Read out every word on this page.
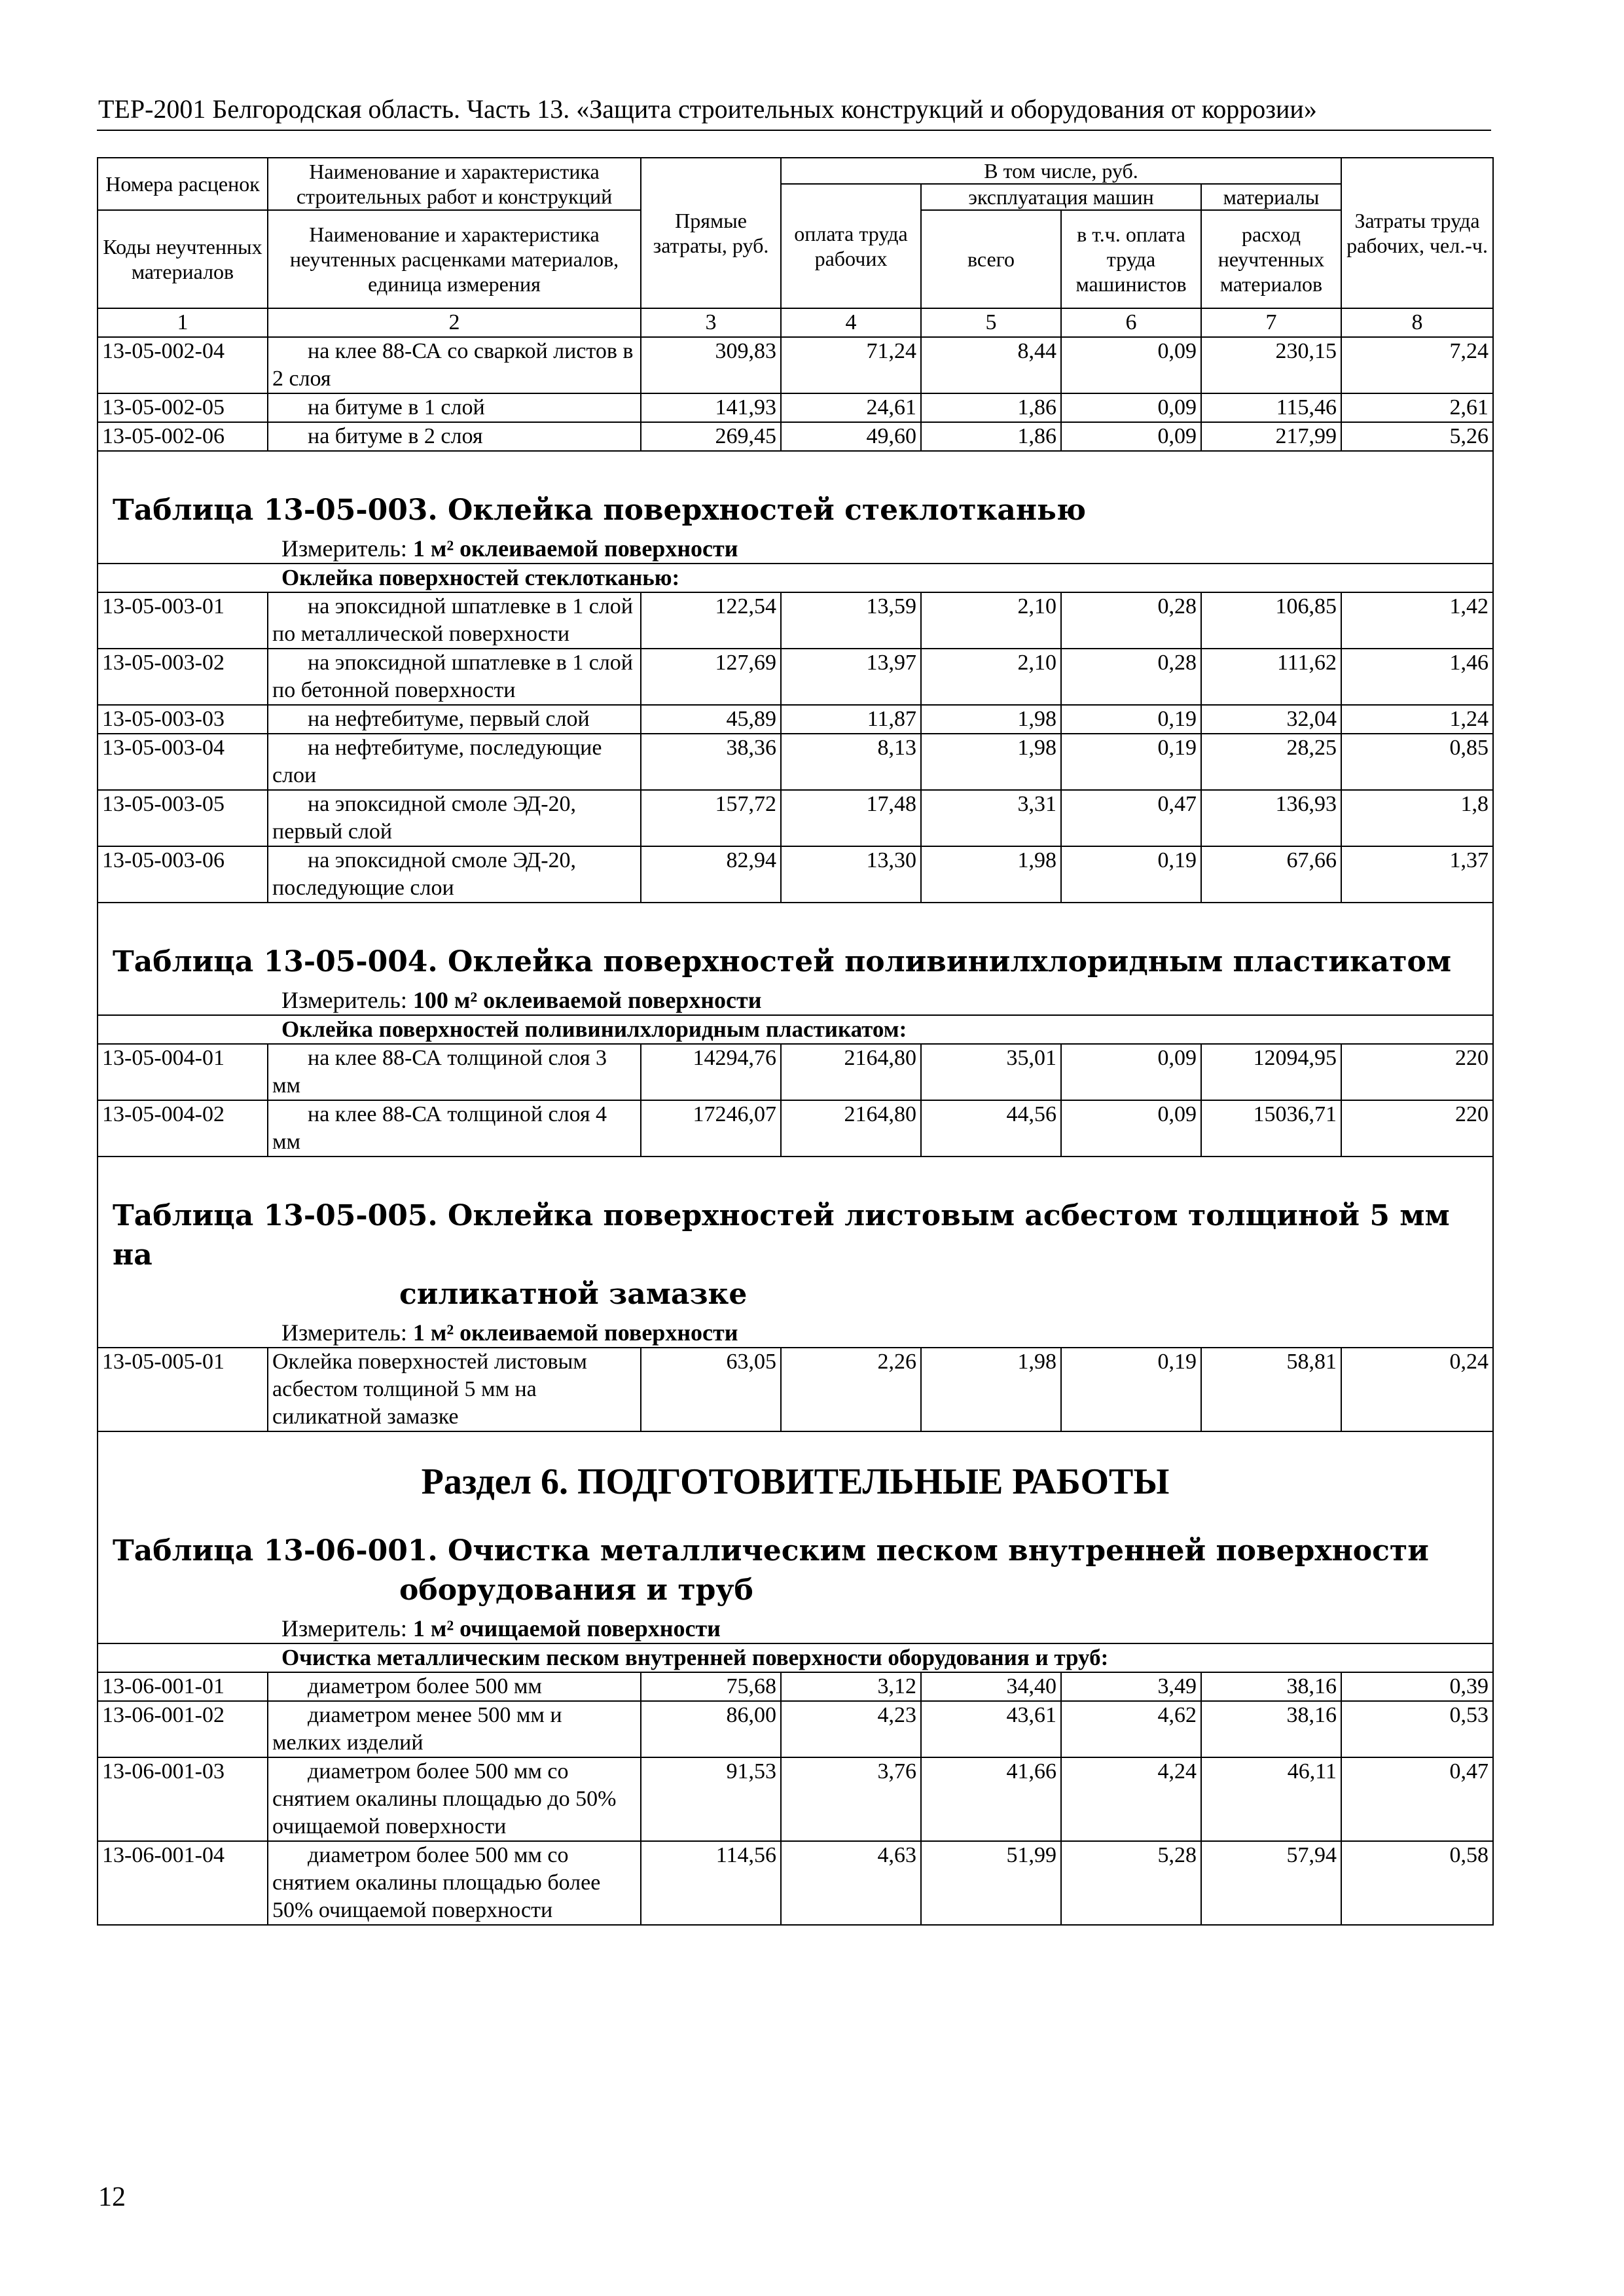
ТЕР-2001 Белгородская область. Часть 13. «Защита строительных конструкций и оборудования от коррозии»
Номера расценок	Наименование и характеристика строительных работ и конструкций	Прямые затраты, руб.	В том числе, руб.				Затраты труда рабочих, чел.-ч.
			оплата труда рабочих	эксплуатация машин		материалы	
Коды неучтенных материалов	Наименование и характеристика неучтенных расценками материалов, единица измерения			всего	в т.ч. оплата труда машинистов	расход неучтенных материалов	
1	2	3	4	5	6	7	8
13-05-002-04	на клее 88-СА со сваркой листов в 2 слоя	309,83	71,24	8,44	0,09	230,15	7,24
13-05-002-05	на битуме в 1 слой	141,93	24,61	1,86	0,09	115,46	2,61
13-05-002-06	на битуме в 2 слоя	269,45	49,60	1,86	0,09	217,99	5,26

Таблица 13-05-003. Оклейка поверхностей стеклотканью							
Измеритель: 1 м² оклеиваемой поверхности							
Оклейка поверхностей стеклотканью:							
13-05-003-01	на эпоксидной шпатлевке в 1 слой по металлической поверхности	122,54	13,59	2,10	0,28	106,85	1,42
13-05-003-02	на эпоксидной шпатлевке в 1 слой по бетонной поверхности	127,69	13,97	2,10	0,28	111,62	1,46
13-05-003-03	на нефтебитуме, первый слой	45,89	11,87	1,98	0,19	32,04	1,24
13-05-003-04	на нефтебитуме, последующие слои	38,36	8,13	1,98	0,19	28,25	0,85
13-05-003-05	на эпоксидной смоле ЭД-20, первый слой	157,72	17,48	3,31	0,47	136,93	1,8
13-05-003-06	на эпоксидной смоле ЭД-20, последующие слои	82,94	13,30	1,98	0,19	67,66	1,37

Таблица 13-05-004. Оклейка поверхностей поливинилхлоридным пластикатом							
Измеритель: 100 м² оклеиваемой поверхности							
Оклейка поверхностей поливинилхлоридным пластикатом:							
13-05-004-01	на клее 88-СА толщиной слоя 3 мм	14294,76	2164,80	35,01	0,09	12094,95	220
13-05-004-02	на клее 88-СА толщиной слоя 4 мм	17246,07	2164,80	44,56	0,09	15036,71	220

Таблица 13-05-005. Оклейка поверхностей листовым асбестом толщиной 5 мм на
силикатной замазке							

Измеритель: 1 м² оклеиваемой поверхности							
13-05-005-01	Оклейка поверхностей листовым асбестом толщиной 5 мм на силикатной замазке	63,05	2,26	1,98	0,19	58,81	0,24
Раздел 6. ПОДГОТОВИТЕЛЬНЫЕ РАБОТЫ							

Таблица 13-06-001. Очистка металлическим песком внутренней поверхности
оборудования и труб							

Измеритель: 1 м² очищаемой поверхности							
Очистка металлическим песком внутренней поверхности оборудования и труб:							
13-06-001-01	диаметром более 500 мм	75,68	3,12	34,40	3,49	38,16	0,39
13-06-001-02	диаметром менее 500 мм и мелких изделий	86,00	4,23	43,61	4,62	38,16	0,53
13-06-001-03	диаметром более 500 мм со снятием окалины площадью до 50% очищаемой поверхности	91,53	3,76	41,66	4,24	46,11	0,47
13-06-001-04	диаметром более 500 мм со снятием окалины площадью более 50% очищаемой поверхности	114,56	4,63	51,99	5,28	57,94	0,58
12
